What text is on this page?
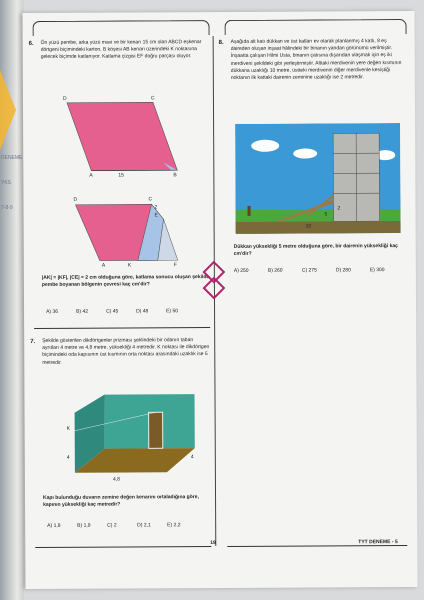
DENEME
YKS
7-8-9
6. Ön yüzü pembe, arka yüzü mavi ve bir kenarı 15 cm olan ABCD eşkenar dörtgeni biçimindeki karton, B köşesi AB kenarı üzerindeki K noktasına gelecek biçimde katlanıyor. Katlama çizgisi EF doğru parçası oluyor.
D	C
A	15	B
D	C
2
E
A	K	F
|AK| = |KF|, |CE| = 2 cm olduğuna göre, katlama sonucu oluşan şekilde pembe boyanan bölgenin çevresi kaç cm'dir?
A) 36	B) 42	C) 45	D) 48	E) 50
7. Şekilde gösterilen dikdörtgenler prizması şeklindeki bir odanın taban ayrıtları 4 metre ve 4,8 metre, yüksekliği 4 metredir. K noktası ile dikdörtgen biçimindeki oda kapısının üst kısmının orta noktası arasındaki uzaklık ise 5 metredir.
K
4	4
4,8
Kapı bulunduğu duvarın zemine değen kenarını ortaladığına göre, kapının yüksekliği kaç metredir?
A) 1,8	B) 1,9	C) 2	D) 2,1	E) 2,2
8. Aşağıda alt katı dükkan ve üst katları ev olarak planlanmış 4 katlı, 8 eş daireden oluşan inşaat hâlindeki bir binanın yandan görünümü verilmiştir. İnşaatta çalışan Hilmi Usta, binanın çatısına dışarıdan ulaşmak için eş iki merdiveni şekildeki gibi yerleştirmiştir. Alttaki merdivenin yere değen kısmının dükkana uzaklığı 10 metre, üstteki merdivenin diğer merdivenle kesiştiği noktanın ilk kattaki dairenin zeminine uzaklığı ise 2 metredir.
10
5
2
Dükkan yüksekliği 5 metre olduğuna göre, bir dairenin yüksekliği kaç cm'dir?
A) 250	B) 260	C) 275	D) 280	E) 300
19	TYT DENEME - 5
